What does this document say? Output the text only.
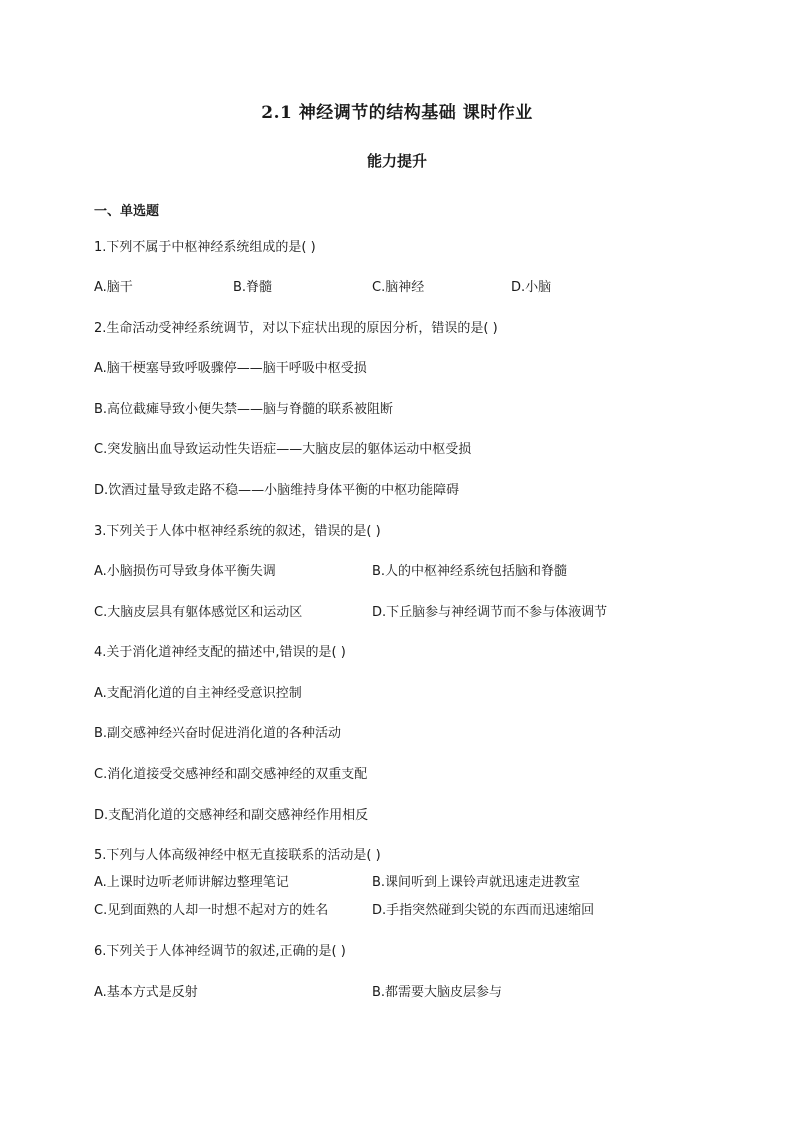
2.1 神经调节的结构基础 课时作业
能力提升
一、单选题
1.下列不属于中枢神经系统组成的是( )
A.脑干	B.脊髓	C.脑神经	D.小脑
2.生命活动受神经系统调节，对以下症状出现的原因分析，错误的是( )
A.脑干梗塞导致呼吸骤停——脑干呼吸中枢受损
B.高位截瘫导致小便失禁——脑与脊髓的联系被阻断
C.突发脑出血导致运动性失语症——大脑皮层的躯体运动中枢受损
D.饮酒过量导致走路不稳——小脑维持身体平衡的中枢功能障碍
3.下列关于人体中枢神经系统的叙述，错误的是( )
A.小脑损伤可导致身体平衡失调	B.人的中枢神经系统包括脑和脊髓
C.大脑皮层具有躯体感觉区和运动区	D.下丘脑参与神经调节而不参与体液调节
4.关于消化道神经支配的描述中,错误的是( )
A.支配消化道的自主神经受意识控制
B.副交感神经兴奋时促进消化道的各种活动
C.消化道接受交感神经和副交感神经的双重支配
D.支配消化道的交感神经和副交感神经作用相反
5.下列与人体高级神经中枢无直接联系的活动是( )
A.上课时边听老师讲解边整理笔记	B.课间听到上课铃声就迅速走进教室
C.见到面熟的人却一时想不起对方的姓名	D.手指突然碰到尖锐的东西而迅速缩回
6.下列关于人体神经调节的叙述,正确的是( )
A.基本方式是反射	B.都需要大脑皮层参与
